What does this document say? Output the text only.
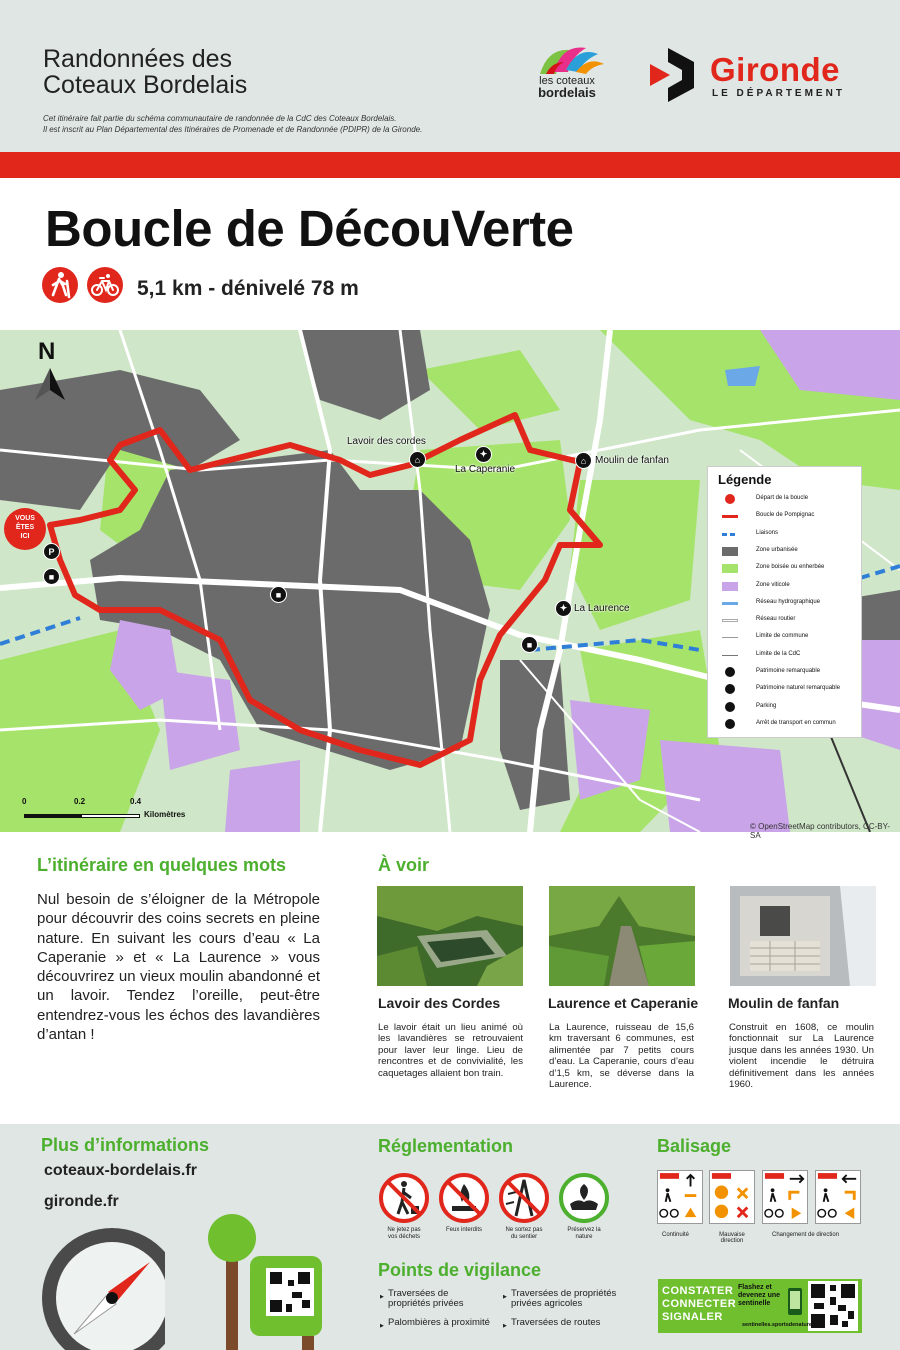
Randonnées des
Coteaux Bordelais
Cet itinéraire fait partie du schéma communautaire de randonnée de la CdC des Coteaux Bordelais.
Il est inscrit au Plan Départemental des Itinéraires de Promenade et de Randonnée (PDIPR) de la Gironde.
les coteaux
bordelais
Gironde
LE DÉPARTEMENT
Boucle de DécouVerte
5,1 km - dénivelé 78 m
N
Lavoir des cordes
⌂
✦
La Caperanie
⌂ Moulin de fanfan
✦ La Laurence
P
■
■
■
Légende
Départ de la boucle
Boucle de Pompignac
Liaisons
Zone urbanisée
Zone boisée ou enherbée
Zone viticole
Réseau hydrographique
Réseau routier
Limite de commune
Limite de la CdC
Patrimoine remarquable
Patrimoine naturel remarquable
Parking
Arrêt de transport en commun
VOUS
ÊTES
ICI
0	0.2	0.4
Kilomètres
© OpenStreetMap contributors, CC-BY-SA
L’itinéraire en quelques mots
Nul besoin de s’éloigner de la Métropole pour découvrir des coins secrets en pleine nature. En suivant les cours d’eau « La Caperanie » et « La Laurence » vous découvrirez un vieux moulin abandonné et un lavoir. Tendez l’oreille, peut-être entendrez-vous les échos des lavandières d’antan !
À voir
Lavoir des Cordes
Le lavoir était un lieu animé où les lavandières se retrouvaient pour laver leur linge. Lieu de rencontres et de convivialité, les caquetages allaient bon train.
Laurence et Caperanie
La Laurence, ruisseau de 15,6 km traversant 6 communes, est alimentée par 7 petits cours d’eau. La Caperanie, cours d’eau d’1,5 km, se déverse dans la Laurence.
Moulin de fanfan
Construit en 1608, ce moulin fonctionnait sur La Laurence jusque dans les années 1930. Un violent incendie le détruira définitivement dans les années 1960.
Plus d’informations
coteaux-bordelais.fr
gironde.fr
Réglementation
Ne jetez pas
vos déchets
Feux interdits	Ne sortez pas
du sentier
Préservez la
nature
Points de vigilance
▶ Traversées de propriétés privées
▶ Traversées de propriétés privées agricoles
▶ Palombières à proximité
▶	Traversées de routes
Balisage
Continuité	Mauvaise direction
Changement de direction
CONSTATER
CONNECTER
SIGNALER
Flashez et devenez une sentinelle
sentinelles.sportsdenature.fr
